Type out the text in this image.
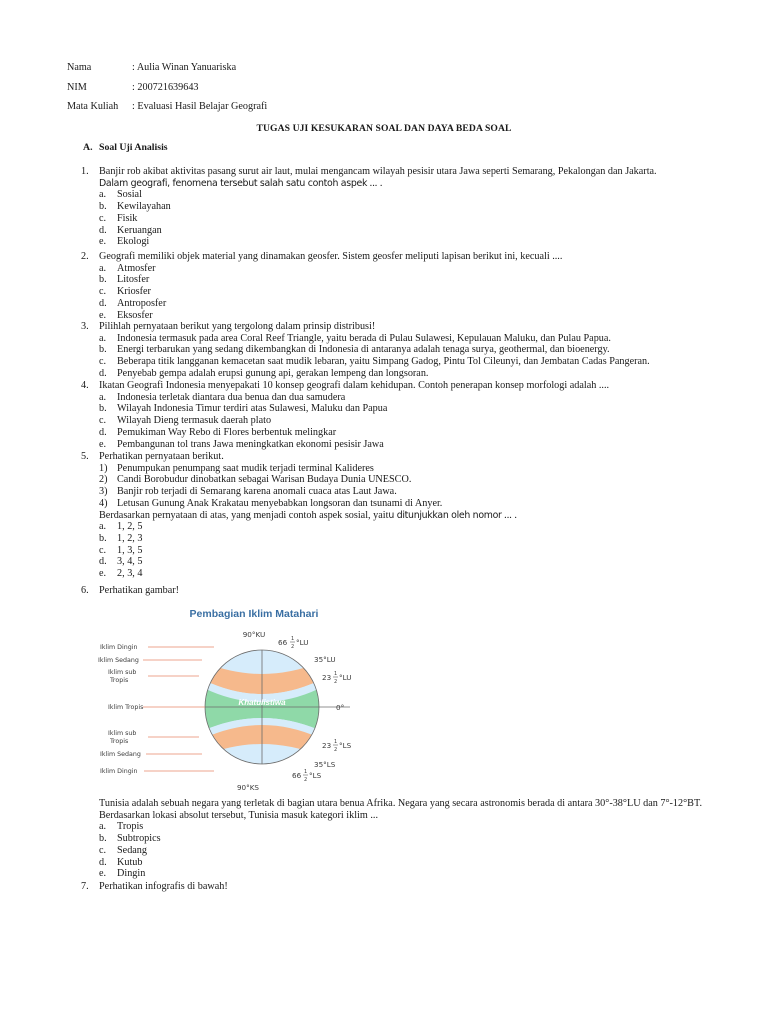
Nama	: Aulia Winan Yanuariska
NIM	: 200721639643
Mata Kuliah	: Evaluasi Hasil Belajar Geografi
TUGAS UJI KESUKARAN SOAL DAN DAYA BEDA SOAL
A. Soal Uji Analisis
1. Banjir rob akibat aktivitas pasang surut air laut, mulai mengancam wilayah pesisir utara Jawa seperti Semarang, Pekalongan dan Jakarta.
Dalam geografi, fenomena tersebut salah satu contoh aspek ... .
a. Sosial
b. Kewilayahan
c. Fisik
d. Keruangan
e. Ekologi
2. Geografi memiliki objek material yang dinamakan geosfer. Sistem geosfer meliputi lapisan berikut ini, kecuali ....
a. Atmosfer
b. Litosfer
c. Kriosfer
d. Antroposfer
e. Eksosfer
3. Pilihlah pernyataan berikut yang tergolong dalam prinsip distribusi!
a. Indonesia termasuk pada area Coral Reef Triangle, yaitu berada di Pulau Sulawesi, Kepulauan Maluku, dan Pulau Papua.
b. Energi terbarukan yang sedang dikembangkan di Indonesia di antaranya adalah tenaga surya, geothermal, dan bioenergy.
c. Beberapa titik langganan kemacetan saat mudik lebaran, yaitu Simpang Gadog, Pintu Tol Cileunyi, dan Jembatan Cadas Pangeran.
d. Penyebab gempa adalah erupsi gunung api, gerakan lempeng dan longsoran.
4. Ikatan Geografi Indonesia menyepakati 10 konsep geografi dalam kehidupan. Contoh penerapan konsep morfologi adalah ....
a. Indonesia terletak diantara dua benua dan dua samudera
b. Wilayah Indonesia Timur terdiri atas Sulawesi, Maluku dan Papua
c. Wilayah Dieng termasuk daerah plato
d. Pemukiman Way Rebo di Flores berbentuk melingkar
e. Pembangunan tol trans Jawa meningkatkan ekonomi pesisir Jawa
5. Perhatikan pernyataan berikut.
1) Penumpukan penumpang saat mudik terjadi terminal Kalideres
2) Candi Borobudur dinobatkan sebagai Warisan Budaya Dunia UNESCO.
3) Banjir rob terjadi di Semarang karena anomali cuaca atas Laut Jawa.
4) Letusan Gunung Anak Krakatau menyebabkan longsoran dan tsunami di Anyer.
Berdasarkan pernyataan di atas, yang menjadi contoh aspek sosial, yaitu ditunjukkan oleh nomor ... .
a. 1, 2, 5
b. 1, 2, 3
c. 1, 3, 5
d. 3, 4, 5
e. 2, 3, 4
6. Perhatikan gambar!
Pembagian Iklim Matahari
Khatulistiwa
Iklim Dingin
Iklim Sedang
Iklim sub
Tropis
Iklim Tropis
Iklim sub
Tropis
Iklim Sedang
Iklim Dingin
90°KU
66 1
2 °LU
35°LU
23 1
2 °LU
0°
23 1
2 °LS
35°LS
66 1
2 °LS
90°KS
Tunisia adalah sebuah negara yang terletak di bagian utara benua Afrika. Negara yang secara astronomis berada di antara 30°-38°LU dan 7°-12°BT. Berdasarkan lokasi absolut tersebut, Tunisia masuk kategori iklim ...
a. Tropis
b. Subtropics
c. Sedang
d. Kutub
e. Dingin
7. Perhatikan infografis di bawah!
